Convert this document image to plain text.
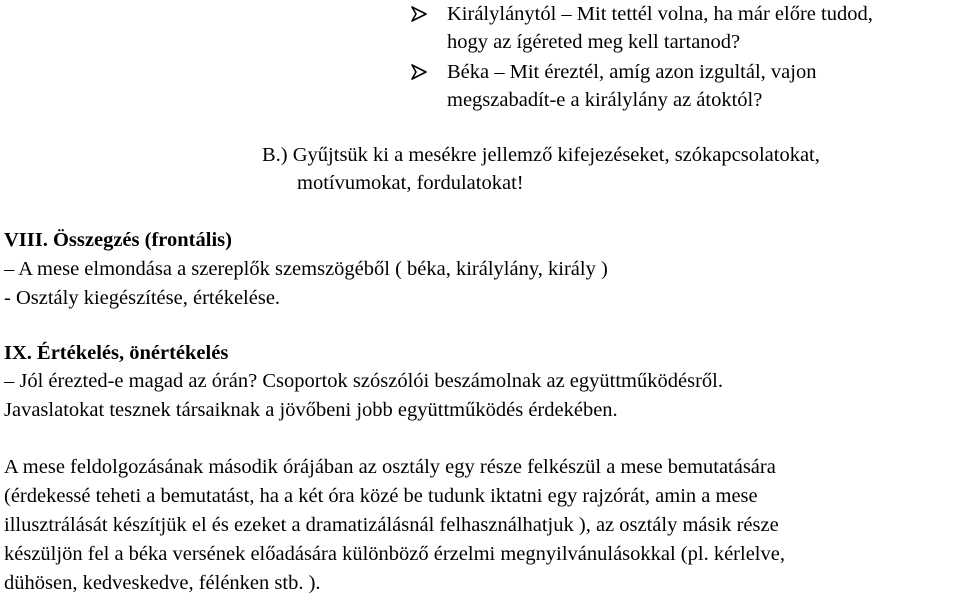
Királylánytól – Mit tettél volna, ha már előre tudod,
hogy az ígéreted meg kell tartanod?
Béka – Mit éreztél, amíg azon izgultál, vajon
megszabadít-e a királylány az átoktól?
B.) Gyűjtsük ki a mesékre jellemző kifejezéseket, szókapcsolatokat,
motívumokat, fordulatokat!
VIII. Összegzés (frontális)
– A mese elmondása a szereplők szemszögéből ( béka, királylány, király )
- Osztály kiegészítése, értékelése.
IX. Értékelés, önértékelés
– Jól érezted-e magad az órán? Csoportok szószólói beszámolnak az együttműködésről.
Javaslatokat tesznek társaiknak a jövőbeni jobb együttműködés érdekében.
A mese feldolgozásának második órájában az osztály egy része felkészül a mese bemutatására
(érdekessé teheti a bemutatást, ha a két óra közé be tudunk iktatni egy rajzórát, amin a mese
illusztrálását készítjük el és ezeket a dramatizálásnál felhasználhatjuk ), az osztály másik része
készüljön fel a béka versének előadására különböző érzelmi megnyilvánulásokkal (pl. kérlelve,
dühösen, kedveskedve, félénken stb. ).
